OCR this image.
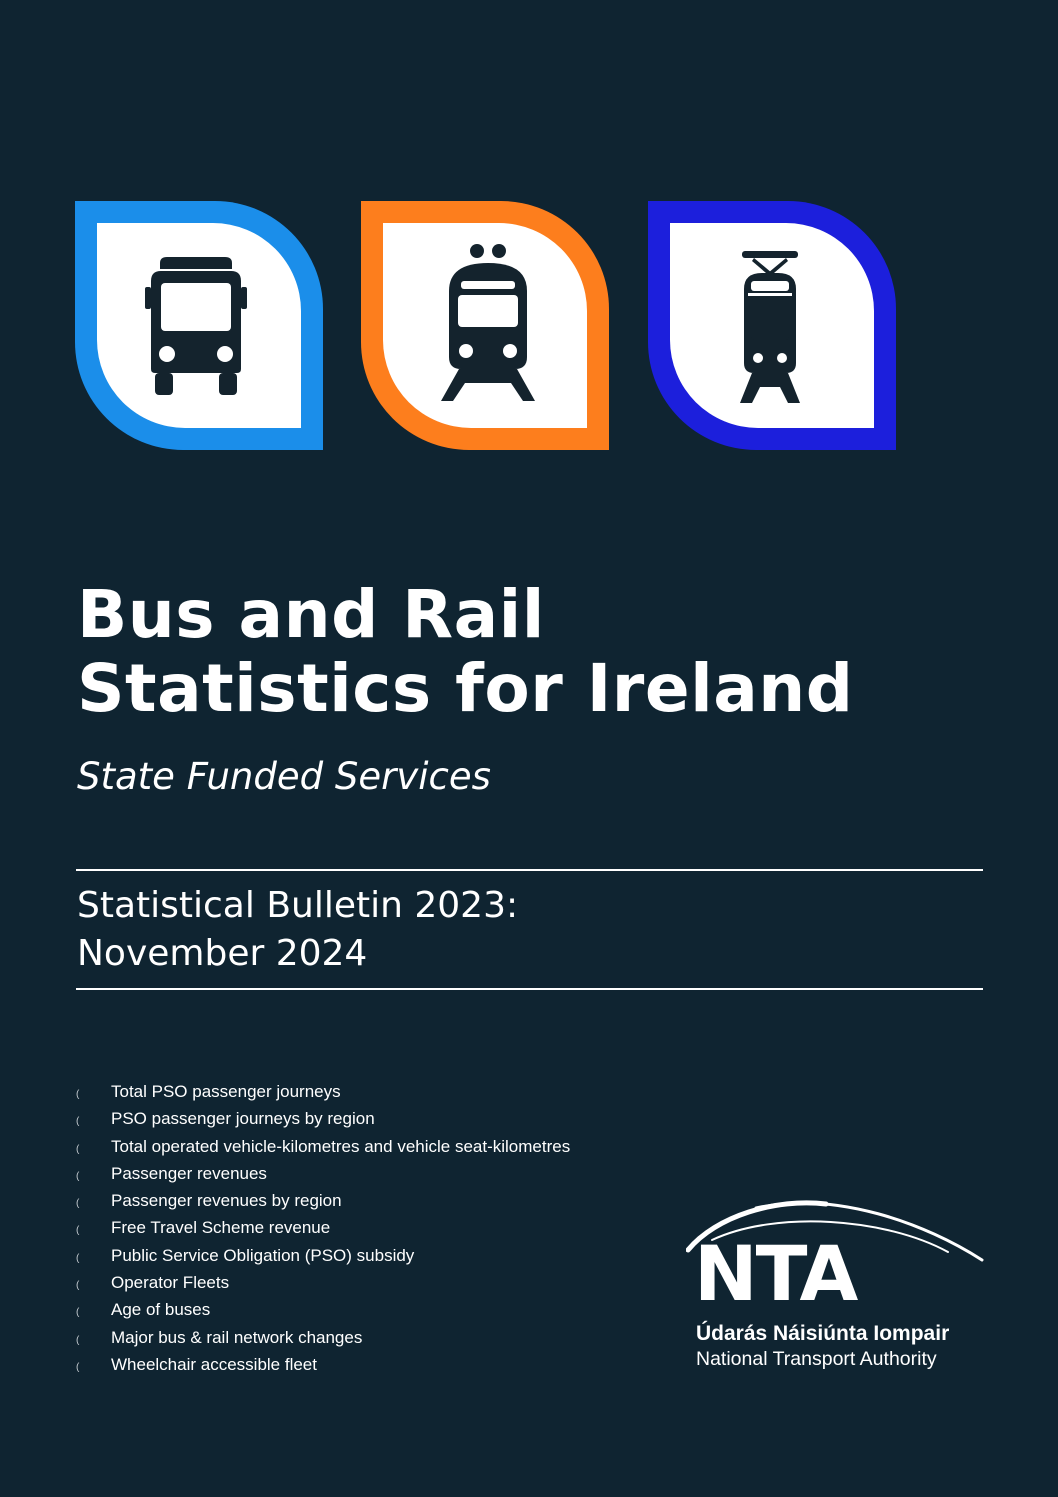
Bus and Rail
Statistics for Ireland
State Funded Services
Statistical Bulletin 2023:
November 2024
( Total PSO passenger journeys
( PSO passenger journeys by region
( Total operated vehicle-kilometres and vehicle seat-kilometres
( Passenger revenues
( Passenger revenues by region
( Free Travel Scheme revenue
( Public Service Obligation (PSO) subsidy
( Operator Fleets
( Age of buses
( Major bus & rail network changes
( Wheelchair accessible fleet
NTA
Údarás Náisiúnta Iompair
National Transport Authority
